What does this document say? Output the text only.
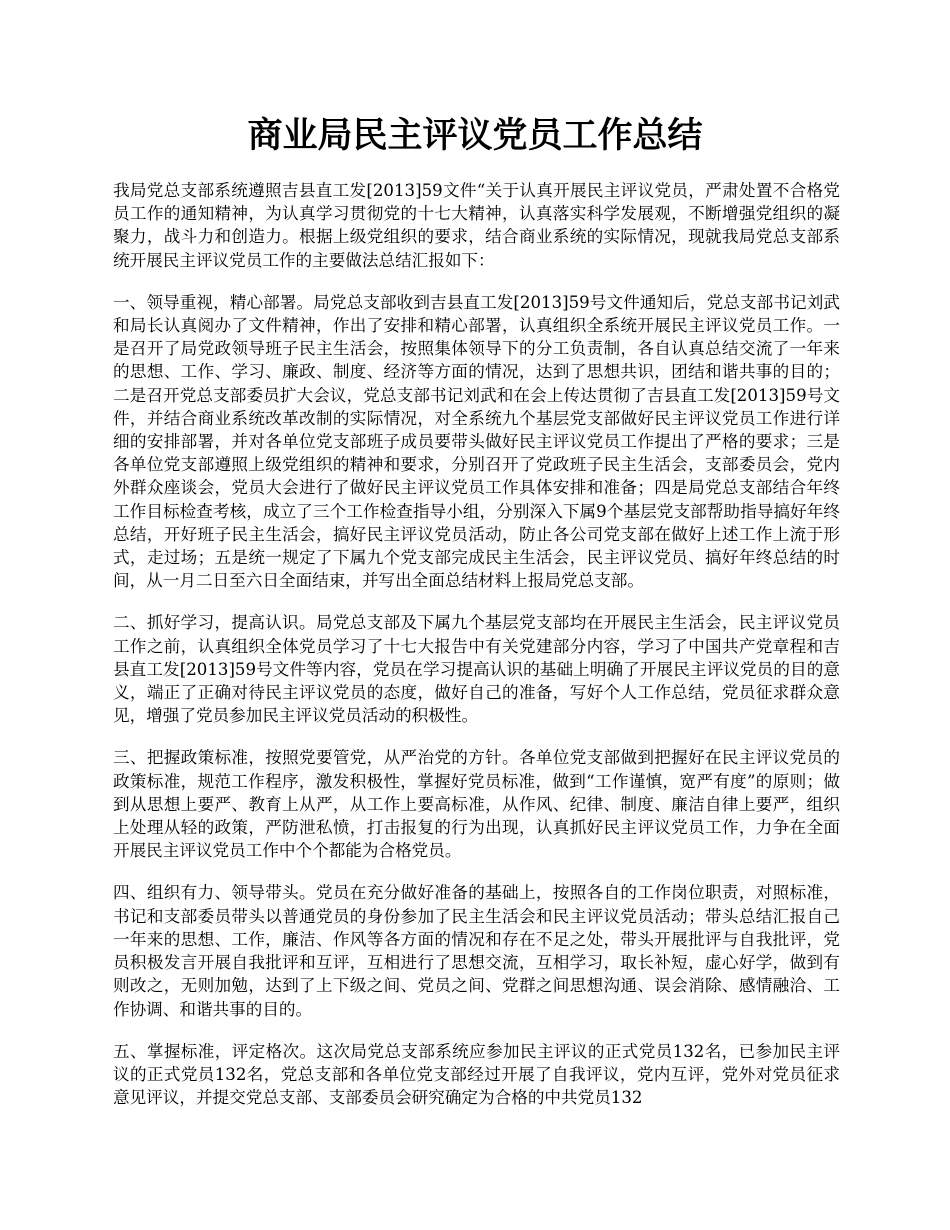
商业局民主评议党员工作总结

我局党总支部系统遵照吉县直工发[2013]59文件“关于认真开展民主评议党员，严肃处置不合格党员工作的通知精神，为认真学习贯彻党的十七大精神，认真落实科学发展观，不断增强党组织的凝聚力，战斗力和创造力。根据上级党组织的要求，结合商业系统的实际情况，现就我局党总支部系统开展民主评议党员工作的主要做法总结汇报如下：

一、领导重视，精心部署。局党总支部收到吉县直工发[2013]59号文件通知后，党总支部书记刘武和局长认真阅办了文件精神，作出了安排和精心部署，认真组织全系统开展民主评议党员工作。一是召开了局党政领导班子民主生活会，按照集体领导下的分工负责制，各自认真总结交流了一年来的思想、工作、学习、廉政、制度、经济等方面的情况，达到了思想共识，团结和谐共事的目的；二是召开党总支部委员扩大会议，党总支部书记刘武和在会上传达贯彻了吉县直工发[2013]59号文件，并结合商业系统改革改制的实际情况，对全系统九个基层党支部做好民主评议党员工作进行详细的安排部署，并对各单位党支部班子成员要带头做好民主评议党员工作提出了严格的要求；三是各单位党支部遵照上级党组织的精神和要求，分别召开了党政班子民主生活会，支部委员会，党内外群众座谈会，党员大会进行了做好民主评议党员工作具体安排和准备；四是局党总支部结合年终工作目标检查考核，成立了三个工作检查指导小组，分别深入下属9个基层党支部帮助指导搞好年终总结，开好班子民主生活会，搞好民主评议党员活动，防止各公司党支部在做好上述工作上流于形式，走过场；五是统一规定了下属九个党支部完成民主生活会，民主评议党员、搞好年终总结的时间，从一月二日至六日全面结束，并写出全面总结材料上报局党总支部。

二、抓好学习，提高认识。局党总支部及下属九个基层党支部均在开展民主生活会，民主评议党员工作之前，认真组织全体党员学习了十七大报告中有关党建部分内容，学习了中国共产党章程和吉县直工发[2013]59号文件等内容，党员在学习提高认识的基础上明确了开展民主评议党员的目的意义，端正了正确对待民主评议党员的态度，做好自己的准备，写好个人工作总结，党员征求群众意见，增强了党员参加民主评议党员活动的积极性。

三、把握政策标准，按照党要管党，从严治党的方针。各单位党支部做到把握好在民主评议党员的政策标准，规范工作程序，激发积极性，掌握好党员标准，做到“工作谨慎，宽严有度”的原则；做到从思想上要严、教育上从严，从工作上要高标准，从作风、纪律、制度、廉洁自律上要严，组织上处理从轻的政策，严防泄私愤，打击报复的行为出现，认真抓好民主评议党员工作，力争在全面开展民主评议党员工作中个个都能为合格党员。

四、组织有力、领导带头。党员在充分做好准备的基础上，按照各自的工作岗位职责，对照标准，书记和支部委员带头以普通党员的身份参加了民主生活会和民主评议党员活动；带头总结汇报自己一年来的思想、工作，廉洁、作风等各方面的情况和存在不足之处，带头开展批评与自我批评，党员积极发言开展自我批评和互评，互相进行了思想交流，互相学习，取长补短，虚心好学，做到有则改之，无则加勉，达到了上下级之间、党员之间、党群之间思想沟通、误会消除、感情融洽、工作协调、和谐共事的目的。

五、掌握标准，评定格次。这次局党总支部系统应参加民主评议的正式党员132名，已参加民主评议的正式党员132名，党总支部和各单位党支部经过开展了自我评议，党内互评，党外对党员征求意见评议，并提交党总支部、支部委员会研究确定为合格的中共党员132
